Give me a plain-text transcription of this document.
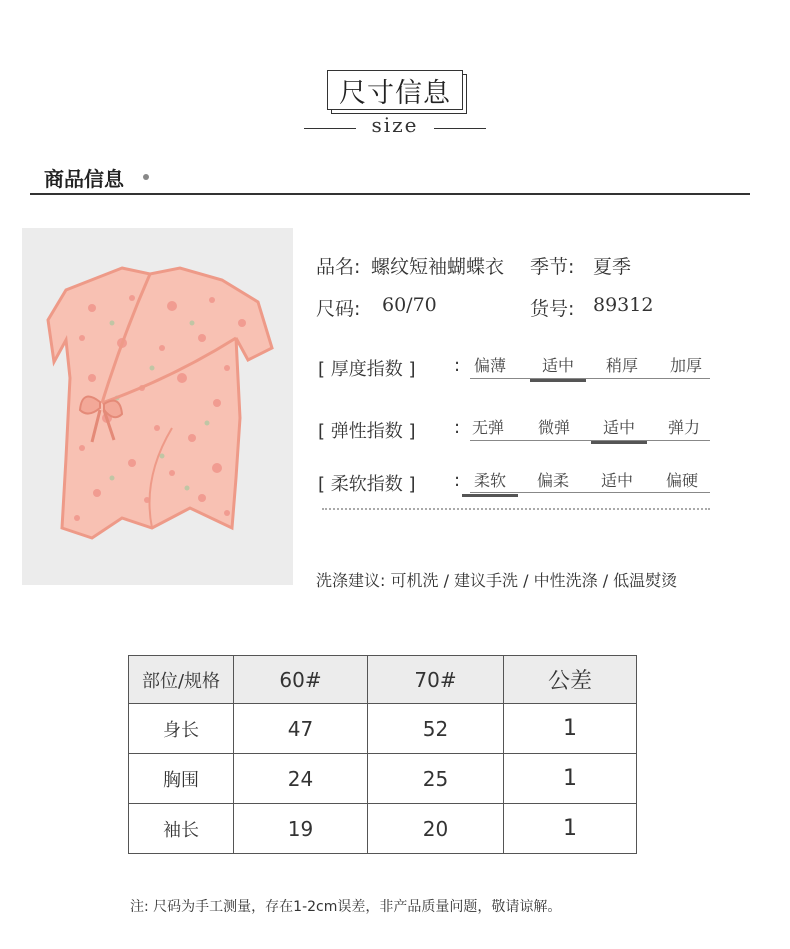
尺寸信息
size
商品信息
品名: 螺纹短袖蝴蝶衣 季节: 夏季
尺码: 60/70	货号: 89312
[ 厚度指数 ] : 偏薄	适中	稍厚	加厚
[ 弹性指数 ] : 无弹	微弹	适中	弹力
[ 柔软指数 ] : 柔软	偏柔	适中	偏硬
洗涤建议: 可机洗 / 建议手洗 / 中性洗涤 / 低温熨烫
部位/规格	60#	70#	公差
身长	47	52	1
胸围	24	25	1
袖长	19	20	1
注: 尺码为手工测量，存在1-2cm误差，非产品质量问题，敬请谅解。
